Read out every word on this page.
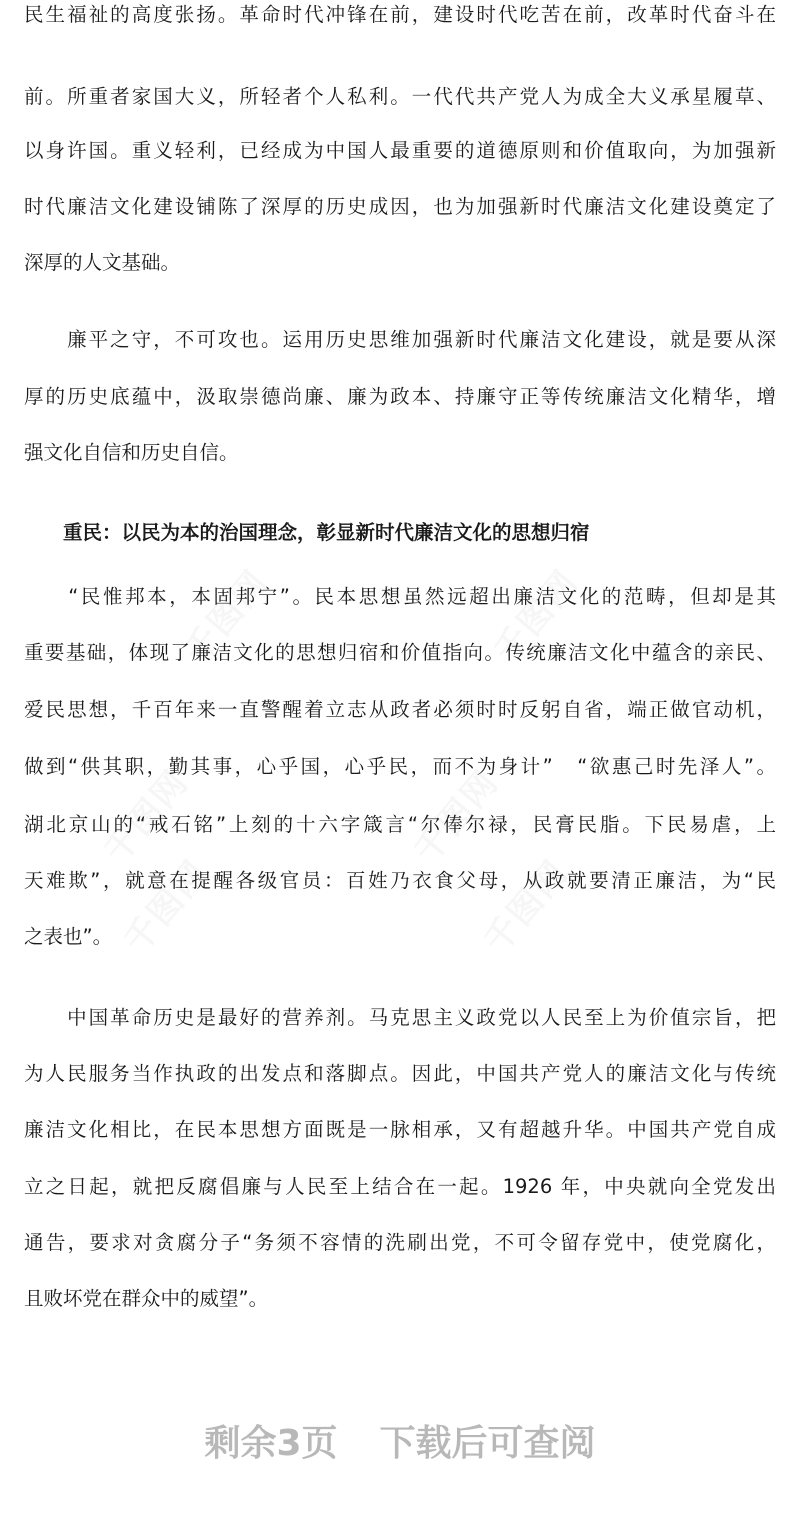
千图网	千图网
千图网	千图网
千图网	千图网
民生福祉的高度张扬。革命时代冲锋在前，建设时代吃苦在前，改革时代奋斗在
前。所重者家国大义，所轻者个人私利。一代代共产党人为成全大义承星履草、
以身许国。重义轻利，已经成为中国人最重要的道德原则和价值取向，为加强新
时代廉洁文化建设铺陈了深厚的历史成因，也为加强新时代廉洁文化建设奠定了
深厚的人文基础。
　　廉平之守，不可攻也。运用历史思维加强新时代廉洁文化建设，就是要从深
厚的历史底蕴中，汲取崇德尚廉、廉为政本、持廉守正等传统廉洁文化精华，增
强文化自信和历史自信。
　　重民：以民为本的治国理念，彰显新时代廉洁文化的思想归宿
　　“民惟邦本，本固邦宁”。民本思想虽然远超出廉洁文化的范畴，但却是其
重要基础，体现了廉洁文化的思想归宿和价值指向。传统廉洁文化中蕴含的亲民、
爱民思想，千百年来一直警醒着立志从政者必须时时反躬自省，端正做官动机，
做到“供其职，勤其事，心乎国，心乎民，而不为身计”　“欲惠己时先泽人”。
湖北京山的“戒石铭”上刻的十六字箴言“尔俸尔禄，民膏民脂。下民易虐，上
天难欺”，就意在提醒各级官员：百姓乃衣食父母，从政就要清正廉洁，为“民
之表也”。
　　中国革命历史是最好的营养剂。马克思主义政党以人民至上为价值宗旨，把
为人民服务当作执政的出发点和落脚点。因此，中国共产党人的廉洁文化与传统
廉洁文化相比，在民本思想方面既是一脉相承，又有超越升华。中国共产党自成
立之日起，就把反腐倡廉与人民至上结合在一起。1926 年，中央就向全党发出
通告，要求对贪腐分子“务须不容情的洗刷出党，不可令留存党中，使党腐化，
且败坏党在群众中的威望”。
剩余3页 下载后可查阅
